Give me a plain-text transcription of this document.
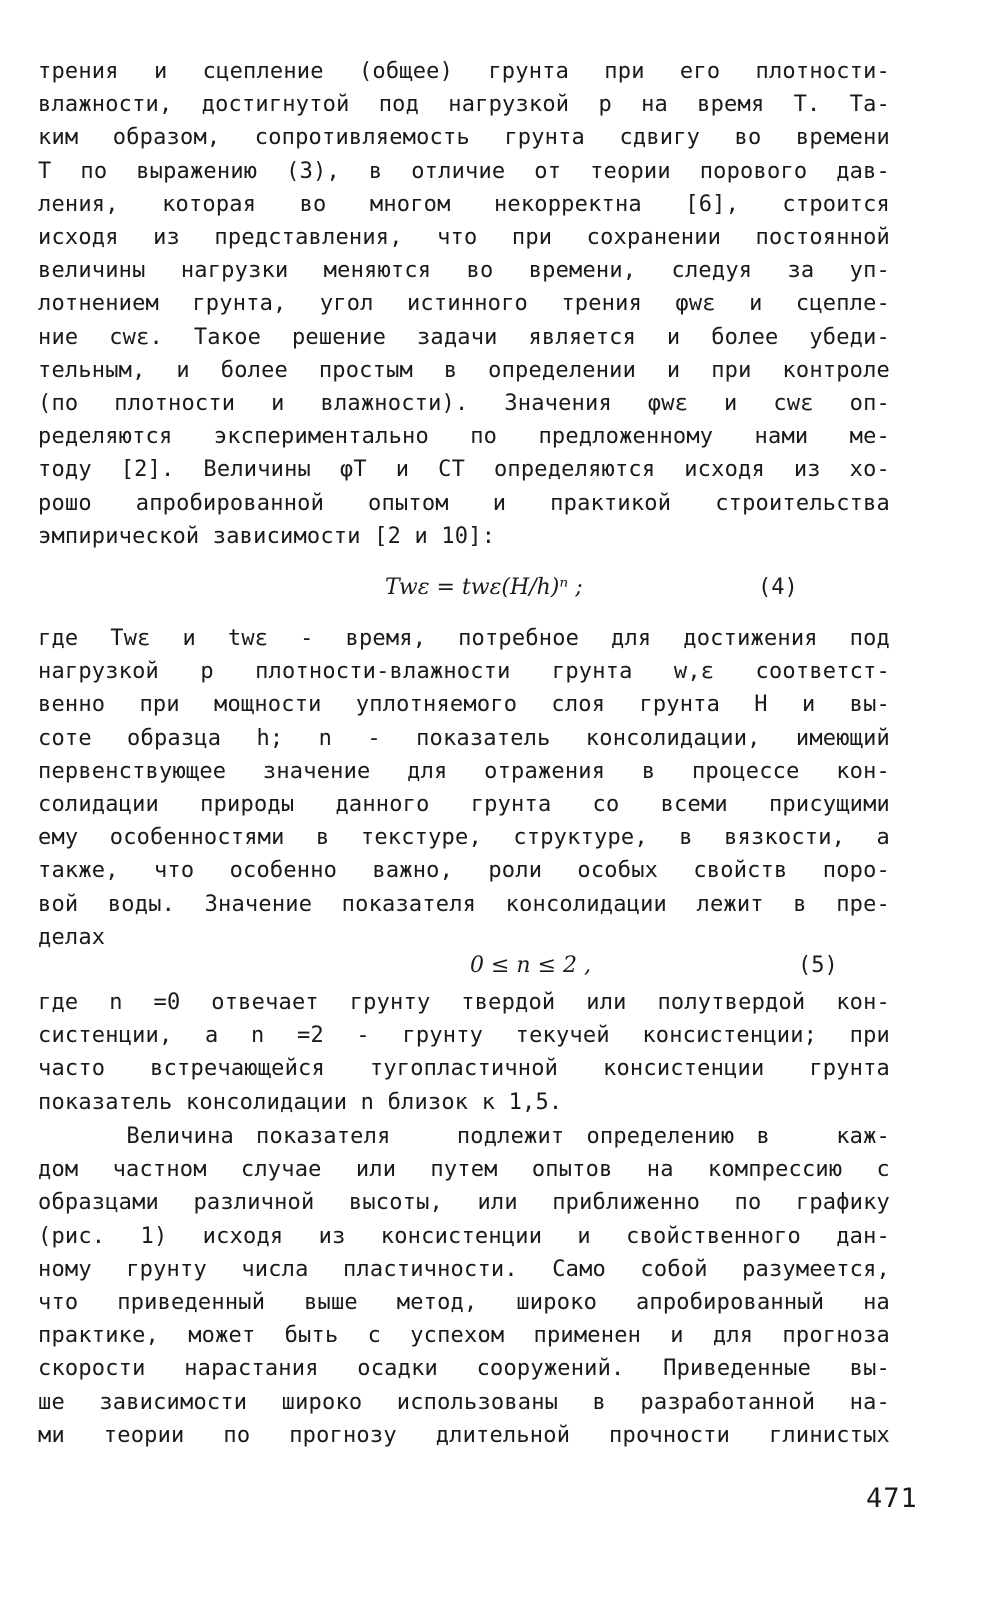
трения и сцепление (общее) грунта при его плотности-
влажности, достигнутой под нагрузкой p на время T. Та-
ким образом, сопротивляемость грунта сдвигу во времени
T по выражению (3), в отличие от теории порового дав-
ления, которая во многом некорректна [6], строится
исходя из представления, что при сохранении постоянной
величины нагрузки меняются во времени, следуя за уп-
лотнением грунта, угол истинного трения φwε и сцепле-
ние cwε. Такое решение задачи является и более убеди-
тельным, и более простым в определении и при контроле
(по плотности и влажности). Значения φwε и cwε оп-
ределяются экспериментально по предложенному нами ме-
тоду [2]. Величины φT и CT определяются исходя из хо-
рошо апробированной опытом и практикой строительства
эмпирической зависимости [2 и 10]:
Twε = twε(H/h)ⁿ ;	(4)
где Twε и twε - время, потребное для достижения под
нагрузкой р плотности-влажности грунта w,ε соответст-
венно при мощности уплотняемого слоя грунта H и вы-
соте образца h; n - показатель консолидации, имеющий
первенствующее значение для отражения в процессе кон-
солидации природы данного грунта со всеми присущими
ему особенностями в текстуре, структуре, в вязкости, а
также, что особенно важно, роли особых свойств поро-
вой воды. Значение показателя консолидации лежит в пре-
делах
0 ≤ n ≤ 2 ,	(5)
где n =0 отвечает грунту твердой или полутвердой кон-
систенции, а n =2 - грунту текучей консистенции; при
часто встречающейся тугопластичной консистенции грунта
показатель консолидации n близок к 1,5.
Величина показателя   подлежит определению в   каж-
дом частном случае или путем опытов на компрессию с
образцами различной высоты, или приближенно по графику
(рис. 1) исходя из консистенции и свойственного дан-
ному грунту числа пластичности. Само собой разумеется,
что приведенный выше метод, широко апробированный на
практике, может быть с успехом применен и для прогноза
скорости нарастания осадки сооружений. Приведенные вы-
ше зависимости широко использованы в разработанной на-
ми теории по прогнозу длительной прочности глинистых
471
